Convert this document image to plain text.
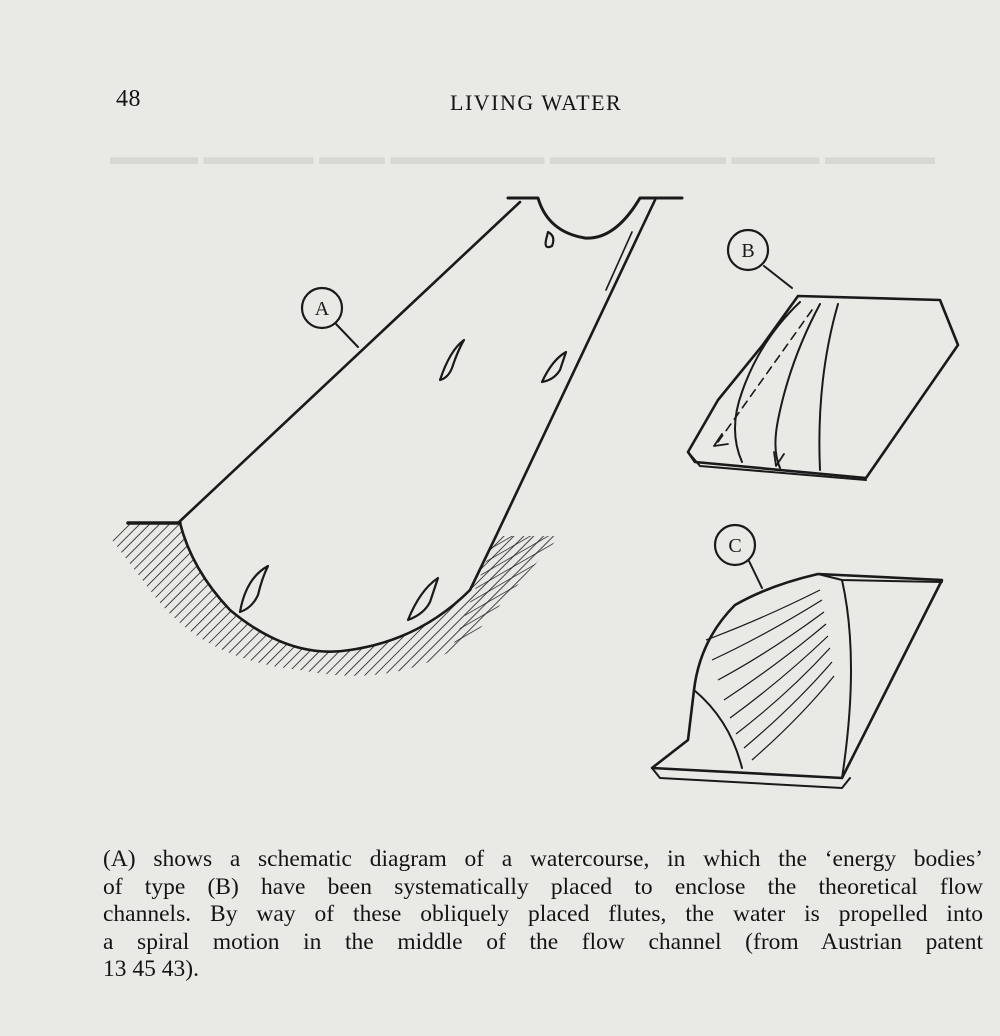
▬▬▬▬ ▬▬▬▬▬ ▬▬▬ ▬▬▬▬▬▬▬ ▬▬▬▬▬▬▬▬ ▬▬▬▬ ▬▬▬▬▬
48	LIVING WATER
A
B
C
(A) shows a schematic diagram of a watercourse, in which the ‘energy bodies’
of type (B) have been systematically placed to enclose the theoretical flow
channels. By way of these obliquely placed flutes, the water is propelled into
a spiral motion in the middle of the flow channel (from Austrian patent
13 45 43).
